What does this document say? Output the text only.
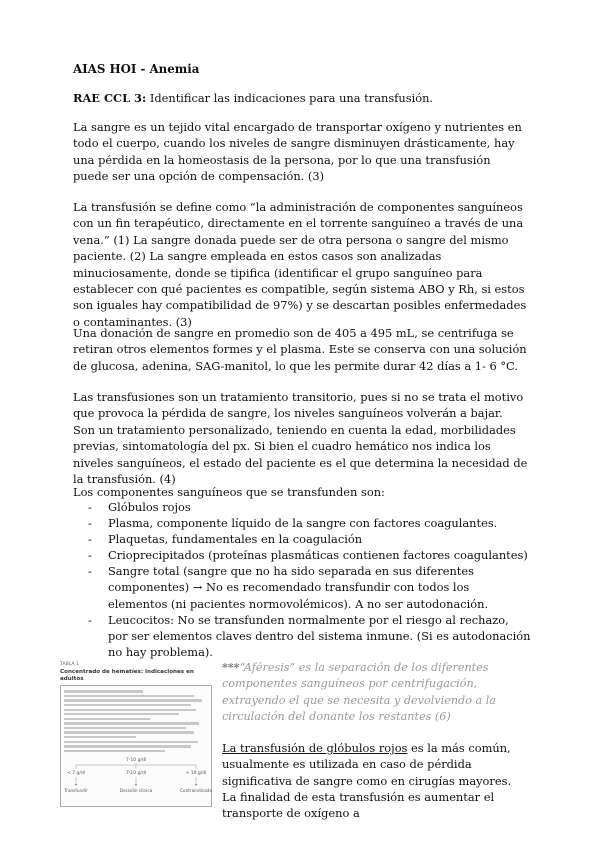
AIAS HOI - Anemia

RAE CCL 3: Identificar las indicaciones para una transfusión.

La sangre es un tejido vital encargado de transportar oxígeno y nutrientes en todo el cuerpo, cuando los niveles de sangre disminuyen drásticamente, hay una pérdida en la homeostasis de la persona, por lo que una transfusión puede ser una opción de compensación. (3)

La transfusión se define como “la administración de componentes sanguíneos con un fin terapéutico, directamente en el torrente sanguíneo a través de una vena.” (1) La sangre donada puede ser de otra persona o sangre del mismo paciente. (2) La sangre empleada en estos casos son analizadas minuciosamente, donde se tipifica (identificar el grupo sanguíneo para establecer con qué pacientes es compatible, según sistema ABO y Rh, si estos son iguales hay compatibilidad de 97%) y se descartan posibles enfermedades o contaminantes. (3)

Una donación de sangre en promedio son de 405 a 495 mL, se centrifuga se retiran otros elementos formes y el plasma. Este se conserva con una solución de glucosa, adenina, SAG-manitol, lo que les permite durar 42 días a 1- 6 °C.

Las transfusiones son un tratamiento transitorio, pues si no se trata el motivo que provoca la pérdida de sangre, los niveles sanguíneos volverán a bajar. Son un tratamiento personalizado, teniendo en cuenta la edad, morbilidades previas, sintomatología del px. Si bien el cuadro hemático nos indica los niveles sanguíneos, el estado del paciente es el que determina la necesidad de la transfusión. (4)

Los componentes sanguíneos que se transfunden son:

- Glóbulos rojos
- Plasma, componente líquido de la sangre con factores coagulantes.
- Plaquetas, fundamentales en la coagulación
- Crioprecipitados (proteínas plasmáticas contienen factores coagulantes)
- Sangre total (sangre que no ha sido separada en sus diferentes componentes) → No es recomendado transfundir con todos los elementos (ni pacientes normovolémicos). A no ser autodonación.
- Leucocitos: No se transfunden normalmente por el riesgo al rechazo, por ser elementos claves dentro del sistema inmune. (Si es autodonación no hay problema).
TABLA 1
Concentrado de hematíes: indicaciones en adultos
7-10 g/dl
< 7 g/dl	7-10 g/dl	> 10 g/dl
Transfundir	Decisión clínica	Contraindicada

***“Aféresis” es la separación de los diferentes componentes sanguíneos por centrifugación, extrayendo el que se necesita y devolviendo a la circulación del donante los restantes (6)

La transfusión de glóbulos rojos es la más común, usualmente es utilizada en caso de pérdida significativa de sangre como en cirugías mayores. La finalidad de esta transfusión es aumentar el transporte de oxígeno a
